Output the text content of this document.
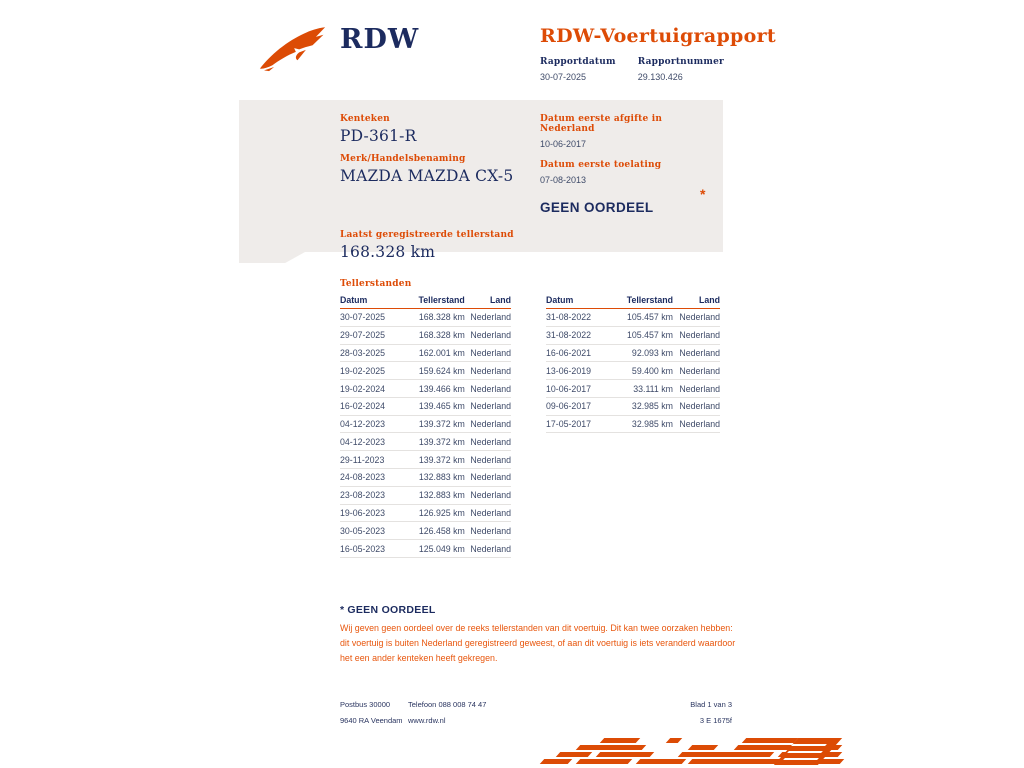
RDW	RDW-Voertuigrapport
Rapportdatum
30-07-2025
Rapportnummer
29.130.426
Kenteken
PD-361-R
Merk/Handelsbenaming
MAZDA MAZDA CX-5
Laatst geregistreerde tellerstand
168.328 km
Datum eerste afgifte in Nederland
10-06-2017
Datum eerste toelating
07-08-2013
GEEN OORDEEL
*
Tellerstanden
Datum	Tellerstand	Land
30-07-2025	168.328 km	Nederland
29-07-2025	168.328 km	Nederland
28-03-2025	162.001 km	Nederland
19-02-2025	159.624 km	Nederland
19-02-2024	139.466 km	Nederland
16-02-2024	139.465 km	Nederland
04-12-2023	139.372 km	Nederland
04-12-2023	139.372 km	Nederland
29-11-2023	139.372 km	Nederland
24-08-2023	132.883 km	Nederland
23-08-2023	132.883 km	Nederland
19-06-2023	126.925 km	Nederland
30-05-2023	126.458 km	Nederland
16-05-2023	125.049 km	Nederland
Datum	Tellerstand	Land
31-08-2022	105.457 km	Nederland
31-08-2022	105.457 km	Nederland
16-06-2021	92.093 km	Nederland
13-06-2019	59.400 km	Nederland
10-06-2017	33.111 km	Nederland
09-06-2017	32.985 km	Nederland
17-05-2017	32.985 km	Nederland
* GEEN OORDEEL
Wij geven geen oordeel over de reeks tellerstanden van dit voertuig. Dit kan twee oorzaken hebben: dit voertuig is buiten Nederland geregistreerd geweest, of aan dit voertuig is iets veranderd waardoor het een ander kenteken heeft gekregen.
Postbus 30000	Telefoon 088 008 74 47	Blad 1 van 3
9640 RA Veendam www.rdw.nl	3 E 1675f
